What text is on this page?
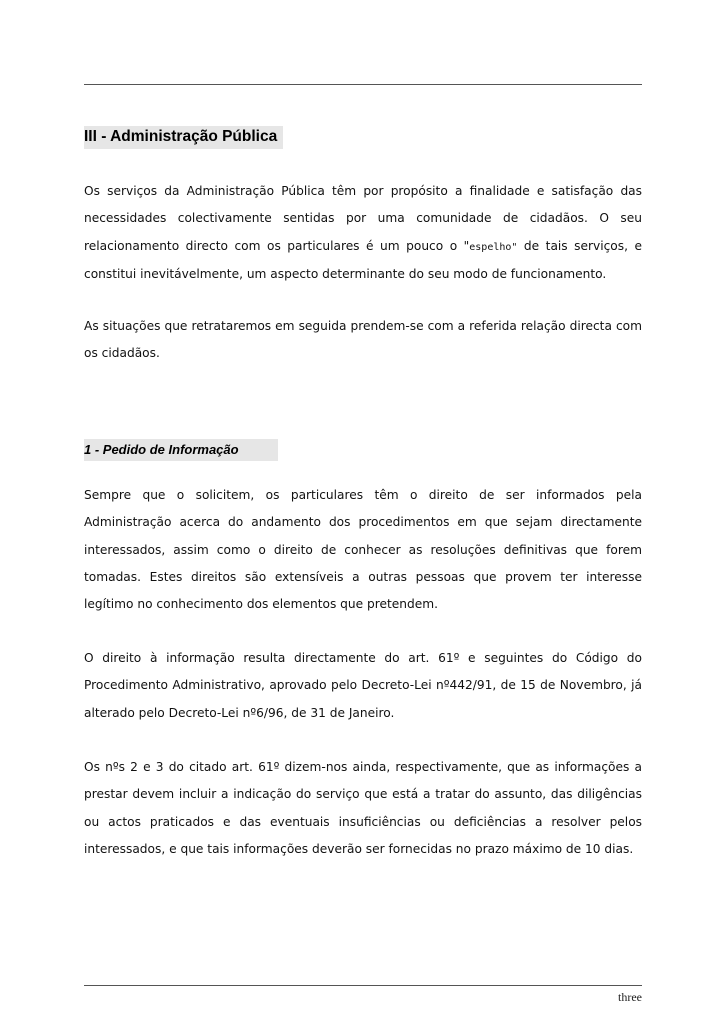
III - Administração Pública

Os serviços da Administração Pública têm por propósito a finalidade e satisfação das necessidades colectivamente sentidas por uma comunidade de cidadãos. O seu relacionamento directo com os particulares é um pouco o "espelho" de tais serviços, e constitui inevitávelmente, um aspecto determinante do seu modo de funcionamento.

As situações que retrataremos em seguida prendem-se com a referida relação directa com os cidadãos.

1 - Pedido de Informação

Sempre que o solicitem, os particulares têm o direito de ser informados pela Administração acerca do andamento dos procedimentos em que sejam directamente interessados, assim como o direito de conhecer as resoluções definitivas que forem tomadas. Estes direitos são extensíveis a outras pessoas que provem ter interesse legítimo no conhecimento dos elementos que pretendem.

O direito à informação resulta directamente do art. 61º e seguintes do Código do Procedimento Administrativo, aprovado pelo Decreto-Lei nº442/91, de 15 de Novembro, já alterado pelo Decreto-Lei nº6/96, de 31 de Janeiro.

Os nºs 2 e 3 do citado art. 61º dizem-nos ainda, respectivamente, que as informações a prestar devem incluir a indicação do serviço que está a tratar do assunto, das diligências ou actos praticados e das eventuais insuficiências ou deficiências a resolver pelos interessados, e que tais informações deverão ser fornecidas no prazo máximo de 10 dias.

three
